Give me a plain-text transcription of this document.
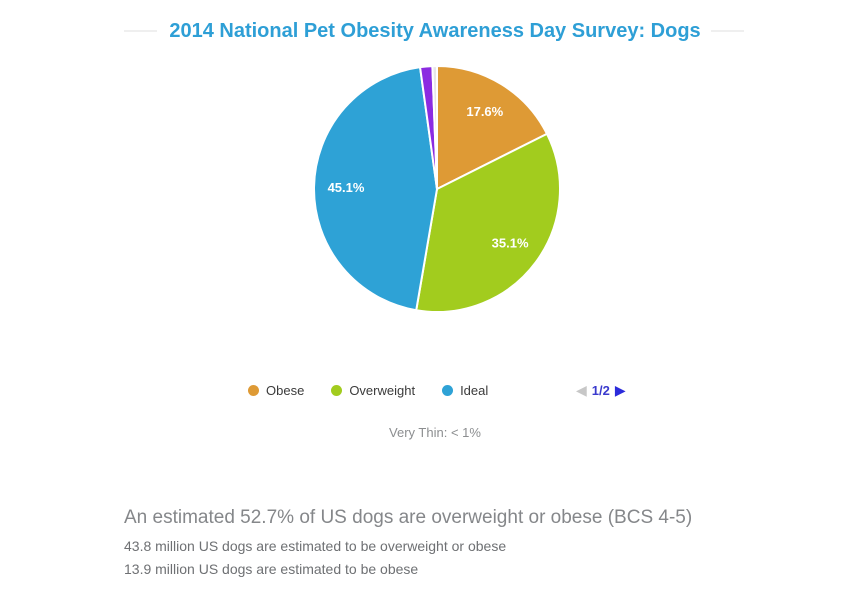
2014 National Pet Obesity Awareness Day Survey: Dogs
17.6%
35.1%
45.1%
Obese	Overweight	Ideal	◀ 1/2 ▶
Very Thin: < 1%
An estimated 52.7% of US dogs are overweight or obese (BCS 4-5)
43.8 million US dogs are estimated to be overweight or obese
13.9 million US dogs are estimated to be obese
